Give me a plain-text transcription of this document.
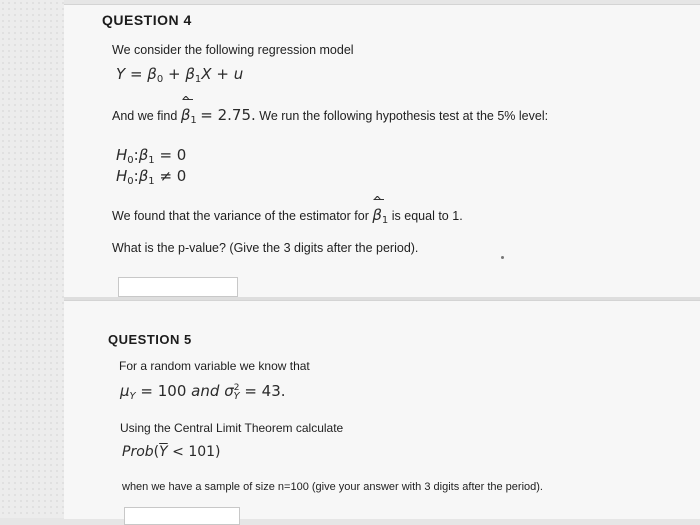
QUESTION 4
We consider the following regression model
$Y = \beta_0 + \beta_1X + u$
And we find
^
$\beta_1 = 2.75$. We run the following hypothesis test at the 5% level:
$H_0:\beta_1 = 0$
$H_0:\beta_1 \ne 0$
We found that the variance of the estimator for
^
$\beta_1$ is equal to 1.
What is the p-value? (Give the 3 digits after the period).
QUESTION 5
For a random variable we know that
$\mu_Y = 100$ and $\sigma^2_Y = 43$.
Using the Central Limit Theorem calculate
$Prob(\overline{Y} < 101)$
when we have a sample of size n=100 (give your answer with 3 digits after the period).
